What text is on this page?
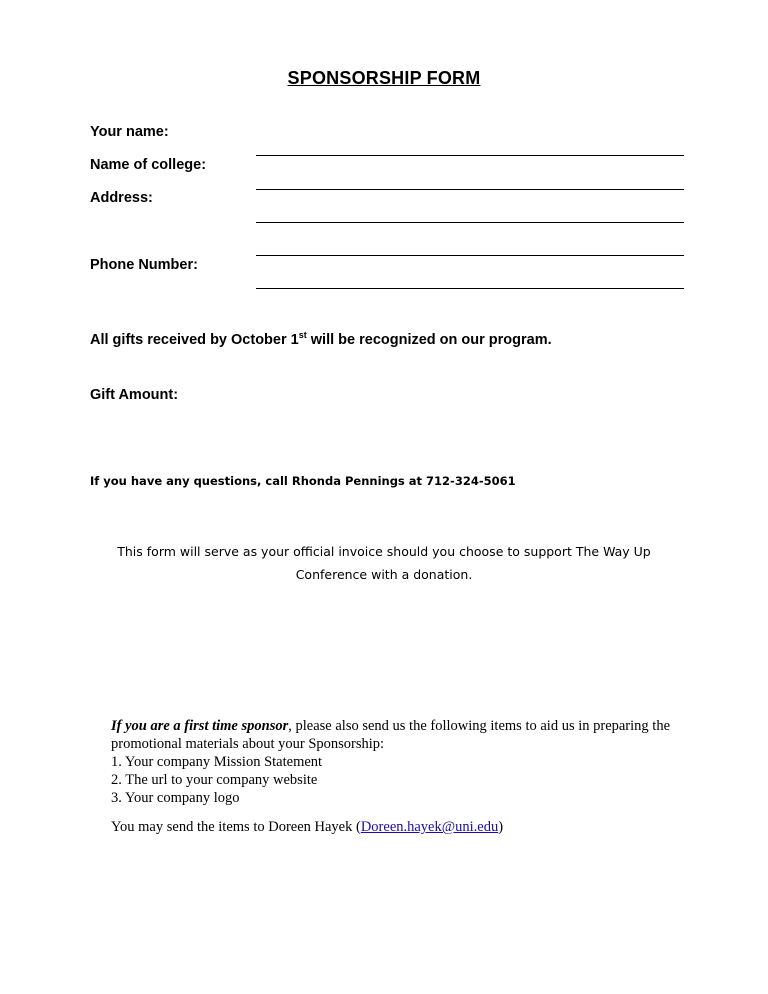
SPONSORSHIP FORM
Your name:
Name of college:
Address:
Phone Number:
All gifts received by October 1st will be recognized on our program.
Gift Amount:
If you have any questions, call Rhonda Pennings at 712-324-5061
This form will serve as your official invoice should you choose to support The Way Up
Conference with a donation.
If you are a first time sponsor, please also send us the following items to aid us in preparing the promotional materials about your Sponsorship:
1. Your company Mission Statement
2. The url to your company website
3. Your company logo
You may send the items to Doreen Hayek (Doreen.hayek@uni.edu)
